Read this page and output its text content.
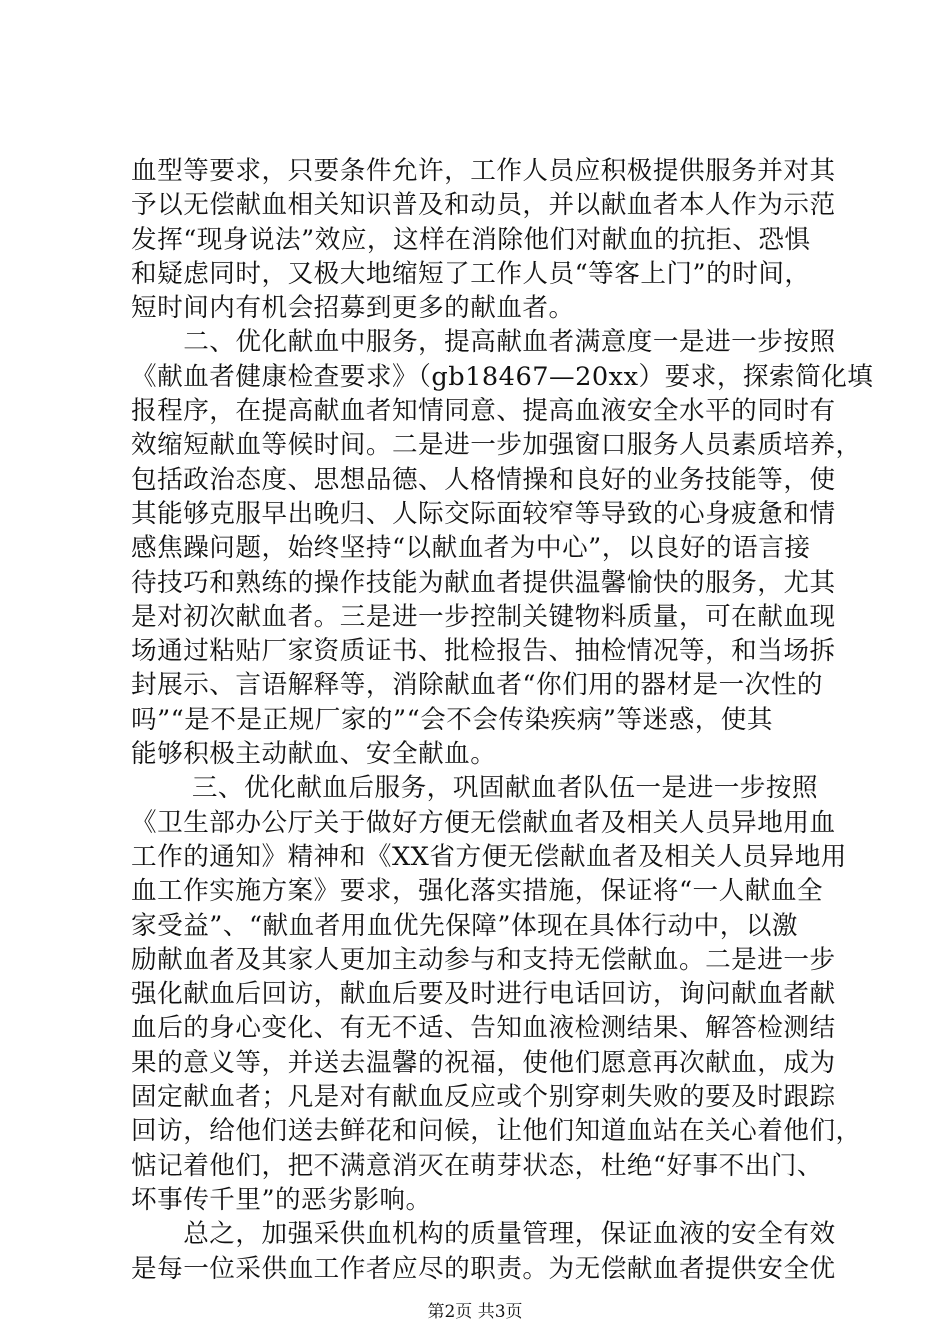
血型等要求，只要条件允许，工作人员应积极提供服务并对其
予以无偿献血相关知识普及和动员，并以献血者本人作为示范
发挥“现身说法”效应，这样在消除他们对献血的抗拒、恐惧
和疑虑同时，又极大地缩短了工作人员“等客上门”的时间，
短时间内有机会招募到更多的献血者。
　　二、优化献血中服务，提高献血者满意度一是进一步按照
《献血者健康检查要求》（gb18467—20xx）要求，探索简化填
报程序，在提高献血者知情同意、提高血液安全水平的同时有
效缩短献血等候时间。二是进一步加强窗口服务人员素质培养，
包括政治态度、思想品德、人格情操和良好的业务技能等，使
其能够克服早出晚归、人际交际面较窄等导致的心身疲惫和情
感焦躁问题，始终坚持“以献血者为中心”，以良好的语言接
待技巧和熟练的操作技能为献血者提供温馨愉快的服务，尤其
是对初次献血者。三是进一步控制关键物料质量，可在献血现
场通过粘贴厂家资质证书、批检报告、抽检情况等，和当场拆
封展示、言语解释等，消除献血者“你们用的器材是一次性的
吗”“是不是正规厂家的”“会不会传染疾病”等迷惑，使其
能够积极主动献血、安全献血。
　　 三、优化献血后服务，巩固献血者队伍一是进一步按照
《卫生部办公厅关于做好方便无偿献血者及相关人员异地用血
工作的通知》精神和《XX省方便无偿献血者及相关人员异地用
血工作实施方案》要求，强化落实措施，保证将“一人献血全
家受益”、“献血者用血优先保障”体现在具体行动中，以激
励献血者及其家人更加主动参与和支持无偿献血。二是进一步
强化献血后回访，献血后要及时进行电话回访，询问献血者献
血后的身心变化、有无不适、告知血液检测结果、解答检测结
果的意义等，并送去温馨的祝福，使他们愿意再次献血，成为
固定献血者；凡是对有献血反应或个别穿刺失败的要及时跟踪
回访，给他们送去鲜花和问候，让他们知道血站在关心着他们，
惦记着他们，把不满意消灭在萌芽状态，杜绝“好事不出门、
坏事传千里”的恶劣影响。
　　总之，加强采供血机构的质量管理，保证血液的安全有效
是每一位采供血工作者应尽的职责。为无偿献血者提供安全优
第2页 共3页
